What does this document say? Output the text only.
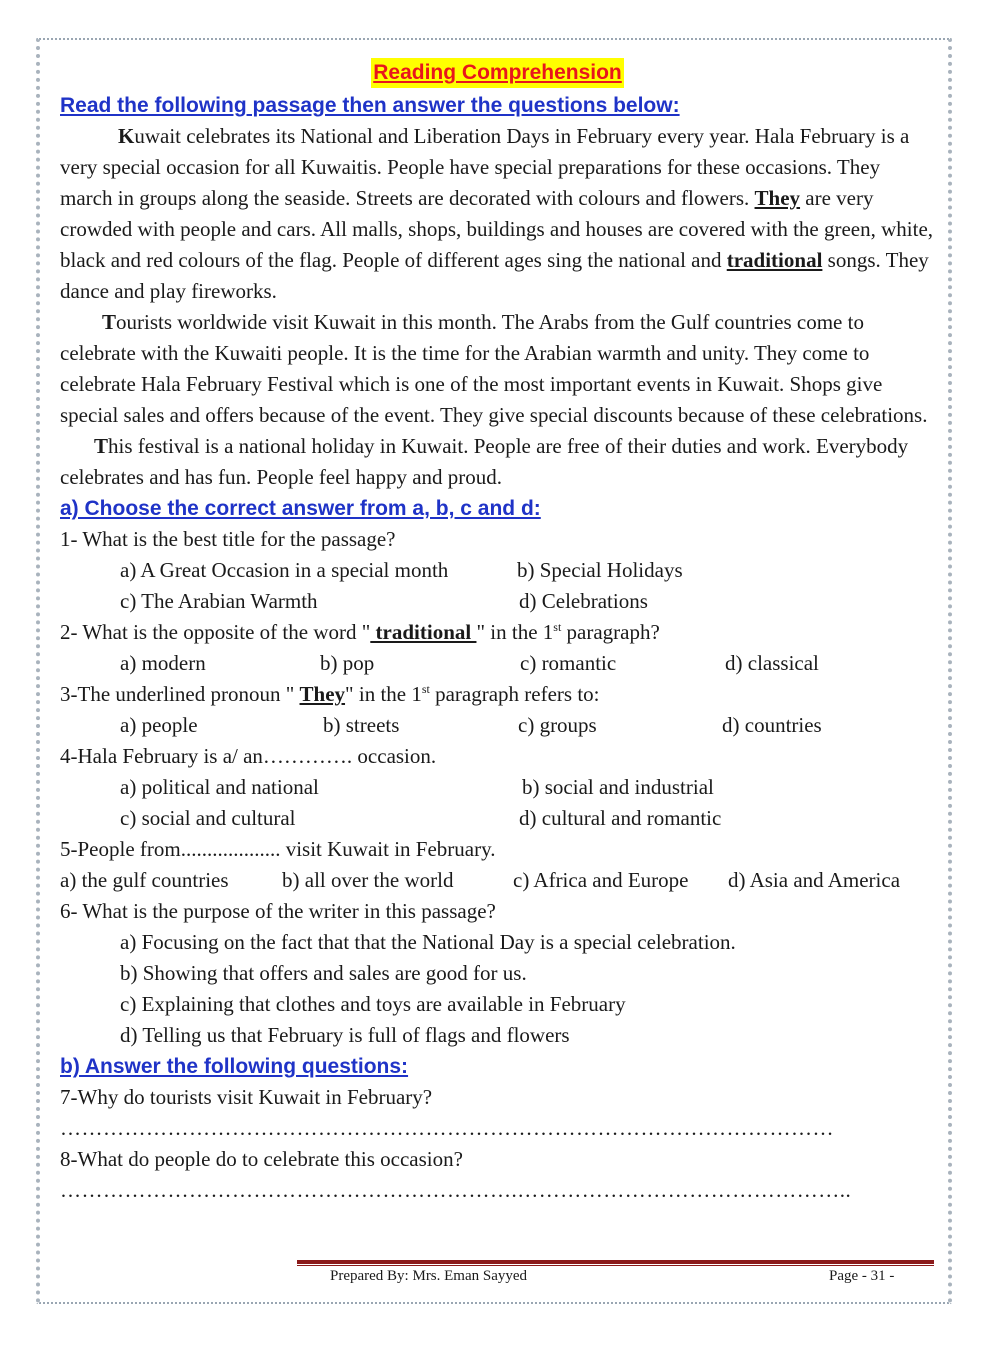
Reading Comprehension
Read the following passage then answer the questions below:

Kuwait celebrates its National and Liberation Days in February every year. Hala February is a very special occasion for all Kuwaitis. People have special preparations for these occasions. They march in groups along the seaside. Streets are decorated with colours and flowers. They are very crowded with people and cars. All malls, shops, buildings and houses are covered with the green, white, black and red colours of the flag. People of different ages sing the national and traditional songs. They dance and play fireworks.

Tourists worldwide visit Kuwait in this month. The Arabs from the Gulf countries come to celebrate with the Kuwaiti people. It is the time for the Arabian warmth and unity. They come to celebrate Hala February Festival which is one of the most important events in Kuwait. Shops give special sales and offers because of the event. They give special discounts because of these celebrations.

This festival is a national holiday in Kuwait. People are free of their duties and work. Everybody celebrates and has fun. People feel happy and proud.

a) Choose the correct answer from a, b, c and d:
1- What is the best title for the passage?
a) A Great Occasion in a special month	b) Special Holidays
c) The Arabian Warmth	d) Celebrations
2- What is the opposite of the word " traditional " in the 1st paragraph?
a) modern	b) pop	c) romantic	d) classical
3-The underlined pronoun " They" in the 1st paragraph refers to:
a) people	b) streets	c) groups	d) countries
4-Hala February is a/ an…………. occasion.
a) political and national	b) social and industrial
c) social and cultural	d) cultural and romantic
5-People from................... visit Kuwait in February.
a) the gulf countries	b) all over the world	c) Africa and Europe d) Asia and America
6- What is the purpose of the writer in this passage?
a) Focusing on the fact that that the National Day is a special celebration.
b) Showing that offers and sales are good for us.
c) Explaining that clothes and toys are available in February
d) Telling us that February is full of flags and flowers
b) Answer the following questions:
7-Why do tourists visit Kuwait in February?
………………………………………………………………………………………………
8-What do people do to celebrate this occasion?
……………………………………………………….………………………………………..
Prepared By: Mrs. Eman Sayyed	Page - 31 -
